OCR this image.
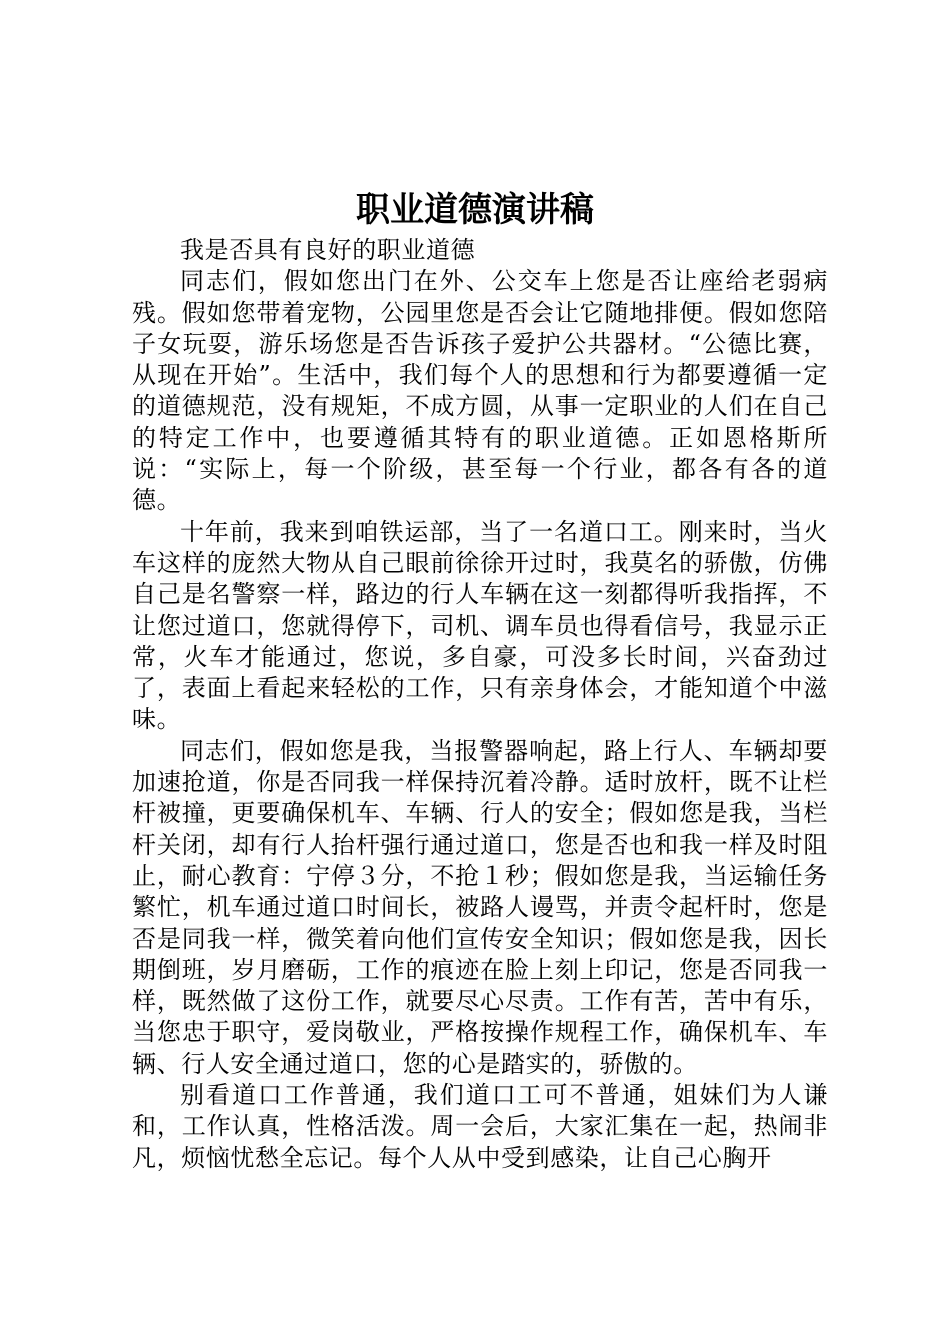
职业道德演讲稿

我是否具有良好的职业道德

同志们，假如您出门在外、公交车上您是否让座给老弱病残。假如您带着宠物，公园里您是否会让它随地排便。假如您陪子女玩耍，游乐场您是否告诉孩子爱护公共器材。“公德比赛，从现在开始”。生活中，我们每个人的思想和行为都要遵循一定的道德规范，没有规矩，不成方圆，从事一定职业的人们在自己的特定工作中，也要遵循其特有的职业道德。正如恩格斯所说：“实际上，每一个阶级，甚至每一个行业，都各有各的道德。

十年前，我来到咱铁运部，当了一名道口工。刚来时，当火车这样的庞然大物从自己眼前徐徐开过时，我莫名的骄傲，仿佛自己是名警察一样，路边的行人车辆在这一刻都得听我指挥，不让您过道口，您就得停下，司机、调车员也得看信号，我显示正常，火车才能通过，您说，多自豪，可没多长时间，兴奋劲过了，表面上看起来轻松的工作，只有亲身体会，才能知道个中滋味。

同志们，假如您是我，当报警器响起，路上行人、车辆却要加速抢道，你是否同我一样保持沉着冷静。适时放杆，既不让栏杆被撞，更要确保机车、车辆、行人的安全；假如您是我，当栏杆关闭，却有行人抬杆强行通过道口，您是否也和我一样及时阻止，耐心教育：宁停３分，不抢１秒；假如您是我，当运输任务繁忙，机车通过道口时间长，被路人谩骂，并责令起杆时，您是否是同我一样，微笑着向他们宣传安全知识；假如您是我，因长期倒班，岁月磨砺，工作的痕迹在脸上刻上印记，您是否同我一样，既然做了这份工作，就要尽心尽责。工作有苦，苦中有乐，当您忠于职守，爱岗敬业，严格按操作规程工作，确保机车、车辆、行人安全通过道口，您的心是踏实的，骄傲的。

别看道口工作普通，我们道口工可不普通，姐妹们为人谦和，工作认真，性格活泼。周一会后，大家汇集在一起，热闹非凡，烦恼忧愁全忘记。每个人从中受到感染，让自己心胸开
